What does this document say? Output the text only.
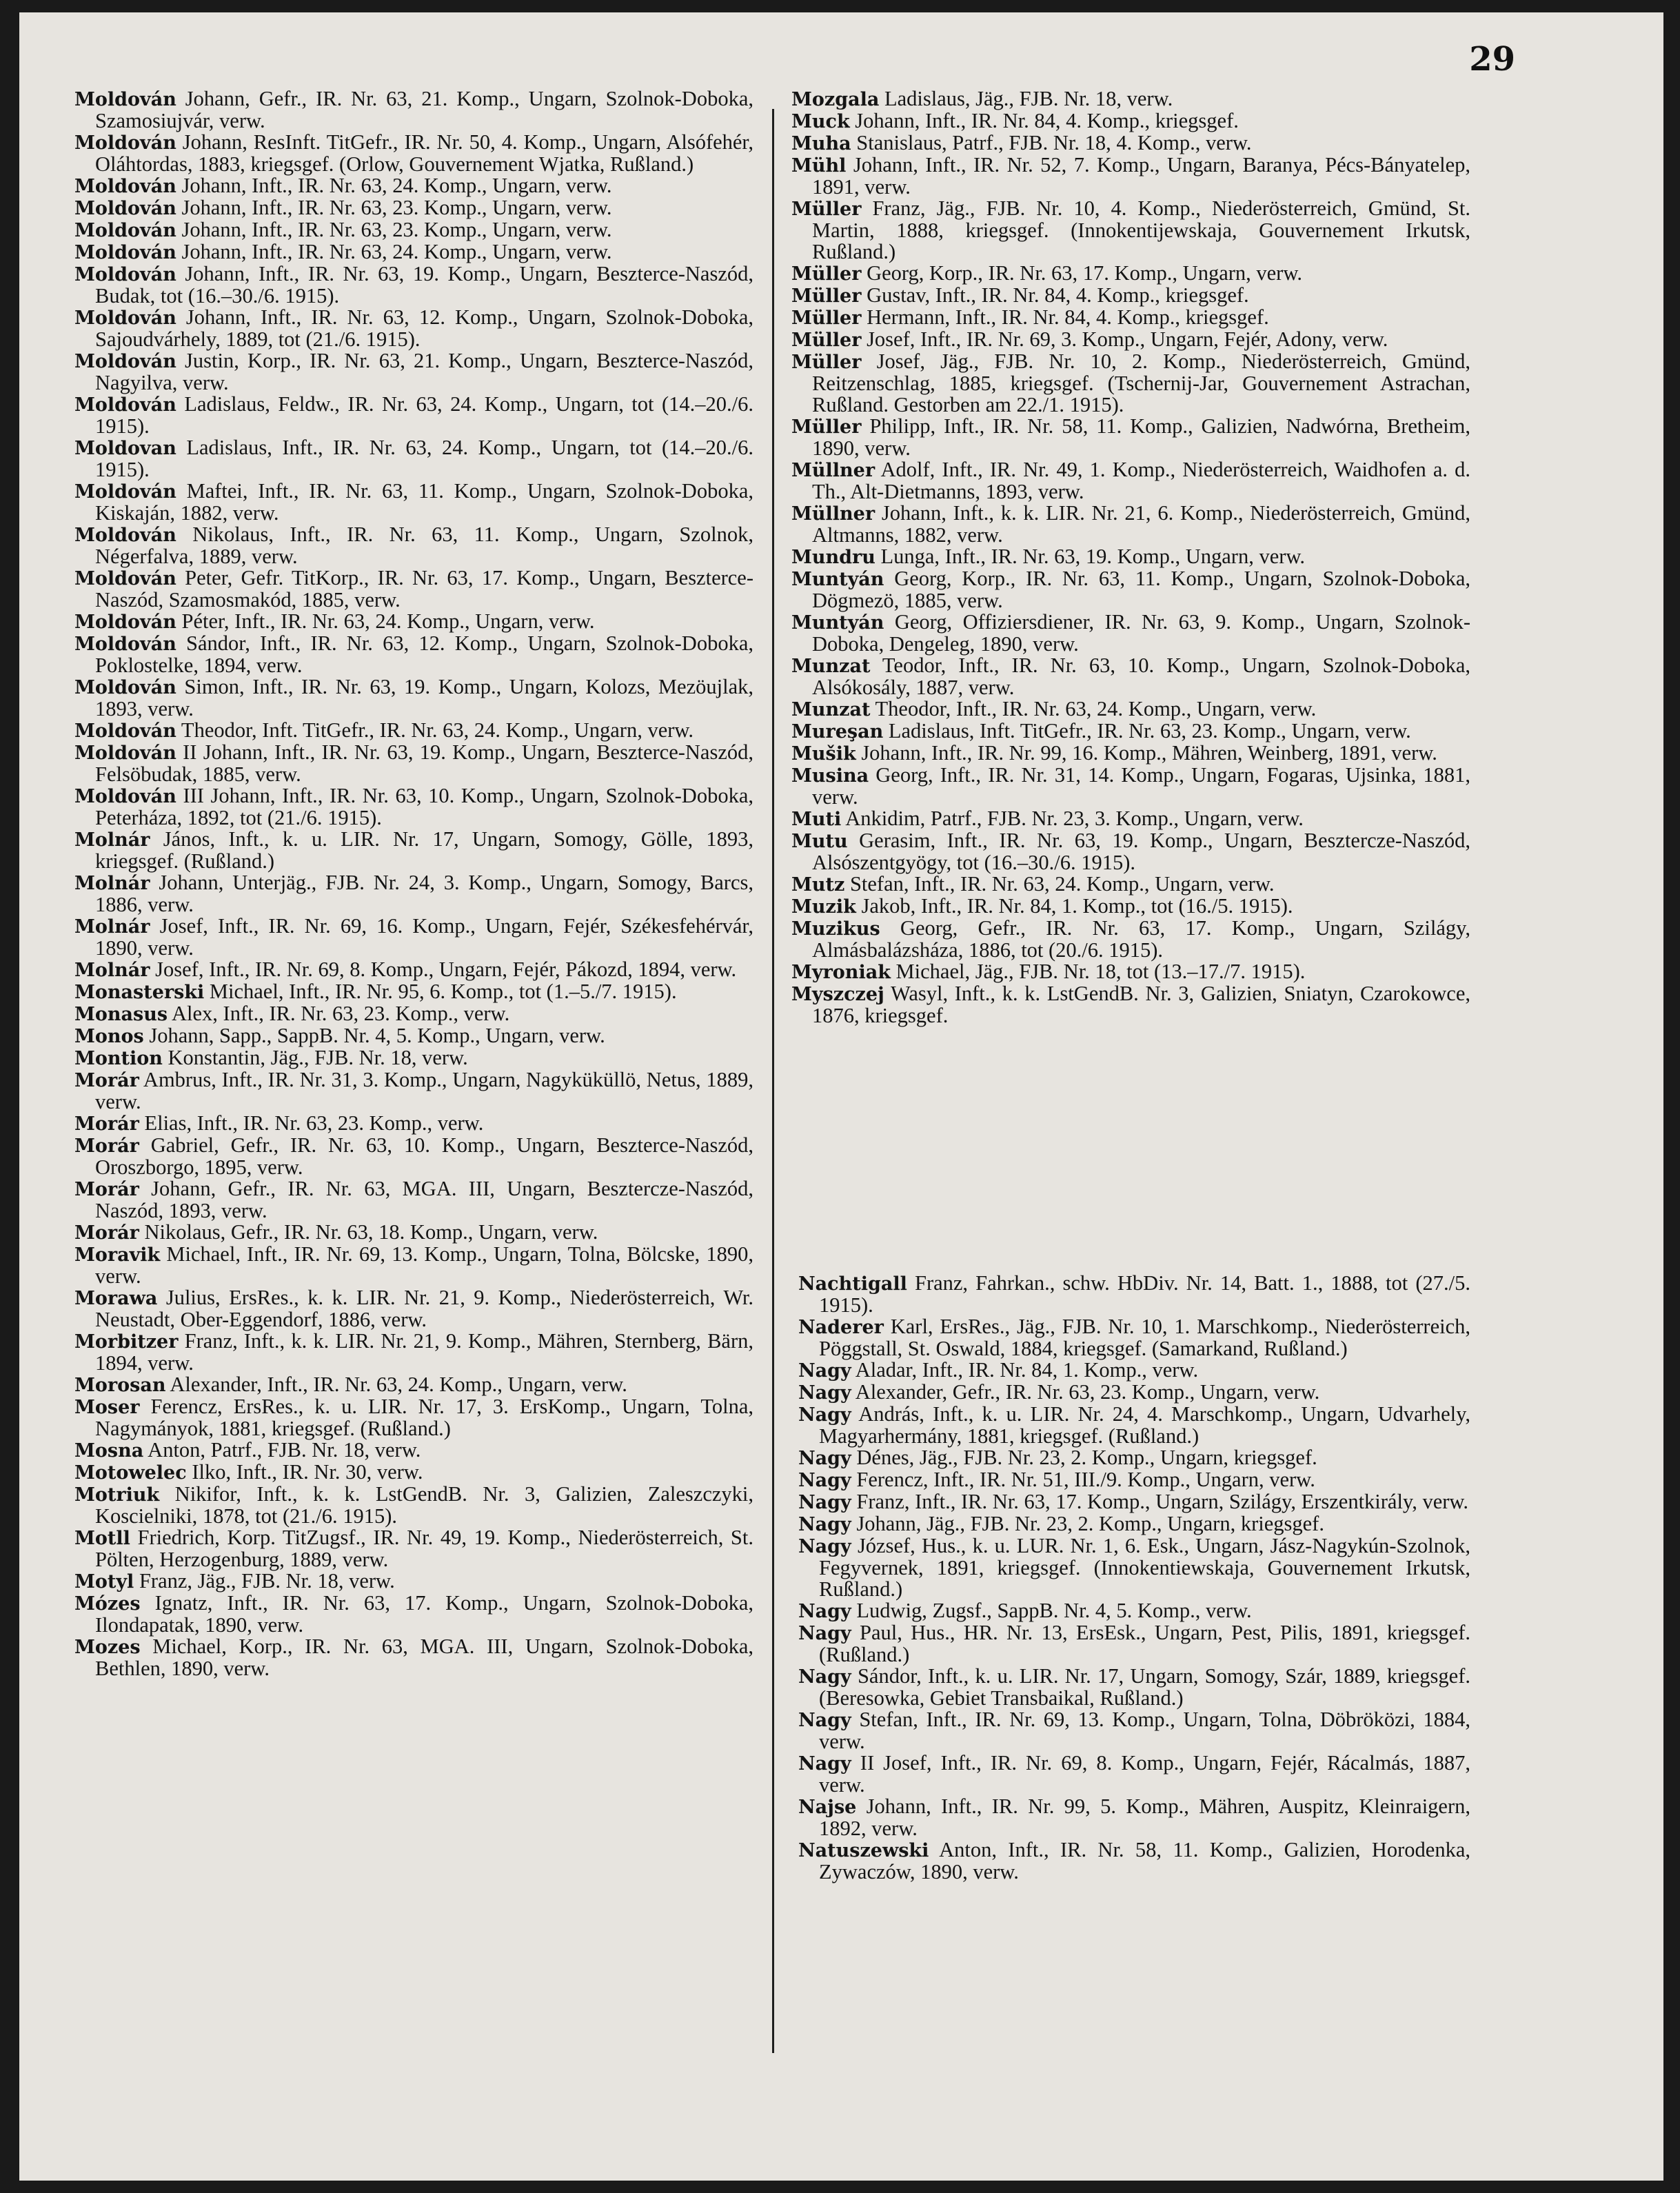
29

Moldován Johann, Gefr., IR. Nr. 63, 21. Komp., Ungarn, Szolnok-Doboka, Szamosiujvár, verw.

Moldován Johann, ResInft. TitGefr., IR. Nr. 50, 4. Komp., Ungarn, Alsófehér, Oláhtordas, 1883, kriegsgef. (Orlow, Gouvernement Wjatka, Rußland.)

Moldován Johann, Inft., IR. Nr. 63, 24. Komp., Ungarn, verw.

Moldován Johann, Inft., IR. Nr. 63, 23. Komp., Ungarn, verw.

Moldován Johann, Inft., IR. Nr. 63, 23. Komp., Ungarn, verw.

Moldován Johann, Inft., IR. Nr. 63, 24. Komp., Ungarn, verw.

Moldován Johann, Inft., IR. Nr. 63, 19. Komp., Ungarn, Beszterce-Naszód, Budak, tot (16.–30./6. 1915).

Moldován Johann, Inft., IR. Nr. 63, 12. Komp., Ungarn, Szolnok-Doboka, Sajoudvárhely, 1889, tot (21./6. 1915).

Moldován Justin, Korp., IR. Nr. 63, 21. Komp., Ungarn, Beszterce-Naszód, Nagyilva, verw.

Moldován Ladislaus, Feldw., IR. Nr. 63, 24. Komp., Ungarn, tot (14.–20./6. 1915).

Moldovan Ladislaus, Inft., IR. Nr. 63, 24. Komp., Ungarn, tot (14.–20./6. 1915).

Moldován Maftei, Inft., IR. Nr. 63, 11. Komp., Ungarn, Szolnok-Doboka, Kiskaján, 1882, verw.

Moldován Nikolaus, Inft., IR. Nr. 63, 11. Komp., Ungarn, Szolnok, Négerfalva, 1889, verw.

Moldován Peter, Gefr. TitKorp., IR. Nr. 63, 17. Komp., Ungarn, Beszterce-Naszód, Szamosmakód, 1885, verw.

Moldován Péter, Inft., IR. Nr. 63, 24. Komp., Ungarn, verw.

Moldován Sándor, Inft., IR. Nr. 63, 12. Komp., Ungarn, Szolnok-Doboka, Poklostelke, 1894, verw.

Moldován Simon, Inft., IR. Nr. 63, 19. Komp., Ungarn, Kolozs, Mezöujlak, 1893, verw.

Moldován Theodor, Inft. TitGefr., IR. Nr. 63, 24. Komp., Ungarn, verw.

Moldován II Johann, Inft., IR. Nr. 63, 19. Komp., Ungarn, Beszterce-Naszód, Felsöbudak, 1885, verw.

Moldován III Johann, Inft., IR. Nr. 63, 10. Komp., Ungarn, Szolnok-Doboka, Peterháza, 1892, tot (21./6. 1915).

Molnár János, Inft., k. u. LIR. Nr. 17, Ungarn, Somogy, Gölle, 1893, kriegsgef. (Rußland.)

Molnár Johann, Unterjäg., FJB. Nr. 24, 3. Komp., Ungarn, Somogy, Barcs, 1886, verw.

Molnár Josef, Inft., IR. Nr. 69, 16. Komp., Ungarn, Fejér, Székesfehérvár, 1890, verw.

Molnár Josef, Inft., IR. Nr. 69, 8. Komp., Ungarn, Fejér, Pákozd, 1894, verw.

Monasterski Michael, Inft., IR. Nr. 95, 6. Komp., tot (1.–5./7. 1915).

Monasus Alex, Inft., IR. Nr. 63, 23. Komp., verw.

Monos Johann, Sapp., SappB. Nr. 4, 5. Komp., Ungarn, verw.

Montion Konstantin, Jäg., FJB. Nr. 18, verw.

Morár Ambrus, Inft., IR. Nr. 31, 3. Komp., Ungarn, Nagyküküllö, Netus, 1889, verw.

Morár Elias, Inft., IR. Nr. 63, 23. Komp., verw.

Morár Gabriel, Gefr., IR. Nr. 63, 10. Komp., Ungarn, Beszterce-Naszód, Oroszborgo, 1895, verw.

Morár Johann, Gefr., IR. Nr. 63, MGA. III, Ungarn, Besztercze-Naszód, Naszód, 1893, verw.

Morár Nikolaus, Gefr., IR. Nr. 63, 18. Komp., Ungarn, verw.

Moravik Michael, Inft., IR. Nr. 69, 13. Komp., Ungarn, Tolna, Bölcske, 1890, verw.

Morawa Julius, ErsRes., k. k. LIR. Nr. 21, 9. Komp., Niederösterreich, Wr. Neustadt, Ober-Eggendorf, 1886, verw.

Morbitzer Franz, Inft., k. k. LIR. Nr. 21, 9. Komp., Mähren, Sternberg, Bärn, 1894, verw.

Morosan Alexander, Inft., IR. Nr. 63, 24. Komp., Ungarn, verw.

Moser Ferencz, ErsRes., k. u. LIR. Nr. 17, 3. ErsKomp., Ungarn, Tolna, Nagymányok, 1881, kriegsgef. (Rußland.)

Mosna Anton, Patrf., FJB. Nr. 18, verw.

Motowelec Ilko, Inft., IR. Nr. 30, verw.

Motriuk Nikifor, Inft., k. k. LstGendB. Nr. 3, Galizien, Zaleszczyki, Koscielniki, 1878, tot (21./6. 1915).

Motll Friedrich, Korp. TitZugsf., IR. Nr. 49, 19. Komp., Niederösterreich, St. Pölten, Herzogenburg, 1889, verw.

Motyl Franz, Jäg., FJB. Nr. 18, verw.

Mózes Ignatz, Inft., IR. Nr. 63, 17. Komp., Ungarn, Szolnok-Doboka, Ilondapatak, 1890, verw.

Mozes Michael, Korp., IR. Nr. 63, MGA. III, Ungarn, Szolnok-Doboka, Bethlen, 1890, verw.

Mozgala Ladislaus, Jäg., FJB. Nr. 18, verw.

Muck Johann, Inft., IR. Nr. 84, 4. Komp., kriegsgef.

Muha Stanislaus, Patrf., FJB. Nr. 18, 4. Komp., verw.

Mühl Johann, Inft., IR. Nr. 52, 7. Komp., Ungarn, Baranya, Pécs-Bányatelep, 1891, verw.

Müller Franz, Jäg., FJB. Nr. 10, 4. Komp., Niederösterreich, Gmünd, St. Martin, 1888, kriegsgef. (Innokentijewskaja, Gouvernement Irkutsk, Rußland.)

Müller Georg, Korp., IR. Nr. 63, 17. Komp., Ungarn, verw.

Müller Gustav, Inft., IR. Nr. 84, 4. Komp., kriegsgef.

Müller Hermann, Inft., IR. Nr. 84, 4. Komp., kriegsgef.

Müller Josef, Inft., IR. Nr. 69, 3. Komp., Ungarn, Fejér, Adony, verw.

Müller Josef, Jäg., FJB. Nr. 10, 2. Komp., Niederösterreich, Gmünd, Reitzenschlag, 1885, kriegsgef. (Tschernij-Jar, Gouvernement Astrachan, Rußland. Gestorben am 22./1. 1915).

Müller Philipp, Inft., IR. Nr. 58, 11. Komp., Galizien, Nadwórna, Bretheim, 1890, verw.

Müllner Adolf, Inft., IR. Nr. 49, 1. Komp., Niederösterreich, Waidhofen a. d. Th., Alt-Dietmanns, 1893, verw.

Müllner Johann, Inft., k. k. LIR. Nr. 21, 6. Komp., Niederösterreich, Gmünd, Altmanns, 1882, verw.

Mundru Lunga, Inft., IR. Nr. 63, 19. Komp., Ungarn, verw.

Muntyán Georg, Korp., IR. Nr. 63, 11. Komp., Ungarn, Szolnok-Doboka, Dögmezö, 1885, verw.

Muntyán Georg, Offiziersdiener, IR. Nr. 63, 9. Komp., Ungarn, Szolnok-Doboka, Dengeleg, 1890, verw.

Munzat Teodor, Inft., IR. Nr. 63, 10. Komp., Ungarn, Szolnok-Doboka, Alsókosály, 1887, verw.

Munzat Theodor, Inft., IR. Nr. 63, 24. Komp., Ungarn, verw.

Mureşan Ladislaus, Inft. TitGefr., IR. Nr. 63, 23. Komp., Ungarn, verw.

Mušik Johann, Inft., IR. Nr. 99, 16. Komp., Mähren, Weinberg, 1891, verw.

Musina Georg, Inft., IR. Nr. 31, 14. Komp., Ungarn, Fogaras, Ujsinka, 1881, verw.

Muti Ankidim, Patrf., FJB. Nr. 23, 3. Komp., Ungarn, verw.

Mutu Gerasim, Inft., IR. Nr. 63, 19. Komp., Ungarn, Besztercze-Naszód, Alsószentgyögy, tot (16.–30./6. 1915).

Mutz Stefan, Inft., IR. Nr. 63, 24. Komp., Ungarn, verw.

Muzik Jakob, Inft., IR. Nr. 84, 1. Komp., tot (16./5. 1915).

Muzikus Georg, Gefr., IR. Nr. 63, 17. Komp., Ungarn, Szilágy, Almásbalázsháza, 1886, tot (20./6. 1915).

Myroniak Michael, Jäg., FJB. Nr. 18, tot (13.–17./7. 1915).

Myszczej Wasyl, Inft., k. k. LstGendB. Nr. 3, Galizien, Sniatyn, Czarokowce, 1876, kriegsgef.

Nachtigall Franz, Fahrkan., schw. HbDiv. Nr. 14, Batt. 1., 1888, tot (27./5. 1915).

Naderer Karl, ErsRes., Jäg., FJB. Nr. 10, 1. Marschkomp., Niederösterreich, Pöggstall, St. Oswald, 1884, kriegsgef. (Samarkand, Rußland.)

Nagy Aladar, Inft., IR. Nr. 84, 1. Komp., verw.

Nagy Alexander, Gefr., IR. Nr. 63, 23. Komp., Ungarn, verw.

Nagy András, Inft., k. u. LIR. Nr. 24, 4. Marschkomp., Ungarn, Udvarhely, Magyarhermány, 1881, kriegsgef. (Rußland.)

Nagy Dénes, Jäg., FJB. Nr. 23, 2. Komp., Ungarn, kriegsgef.

Nagy Ferencz, Inft., IR. Nr. 51, III./9. Komp., Ungarn, verw.

Nagy Franz, Inft., IR. Nr. 63, 17. Komp., Ungarn, Szilágy, Erszentkirály, verw.

Nagy Johann, Jäg., FJB. Nr. 23, 2. Komp., Ungarn, kriegsgef.

Nagy József, Hus., k. u. LUR. Nr. 1, 6. Esk., Ungarn, Jász-Nagykún-Szolnok, Fegyvernek, 1891, kriegsgef. (Innokentiewskaja, Gouvernement Irkutsk, Rußland.)

Nagy Ludwig, Zugsf., SappB. Nr. 4, 5. Komp., verw.

Nagy Paul, Hus., HR. Nr. 13, ErsEsk., Ungarn, Pest, Pilis, 1891, kriegsgef. (Rußland.)

Nagy Sándor, Inft., k. u. LIR. Nr. 17, Ungarn, Somogy, Szár, 1889, kriegsgef. (Beresowka, Gebiet Transbaikal, Rußland.)

Nagy Stefan, Inft., IR. Nr. 69, 13. Komp., Ungarn, Tolna, Döbröközi, 1884, verw.

Nagy II Josef, Inft., IR. Nr. 69, 8. Komp., Ungarn, Fejér, Rácalmás, 1887, verw.

Najse Johann, Inft., IR. Nr. 99, 5. Komp., Mähren, Auspitz, Kleinraigern, 1892, verw.

Natuszewski Anton, Inft., IR. Nr. 58, 11. Komp., Galizien, Horodenka, Zywaczów, 1890, verw.
